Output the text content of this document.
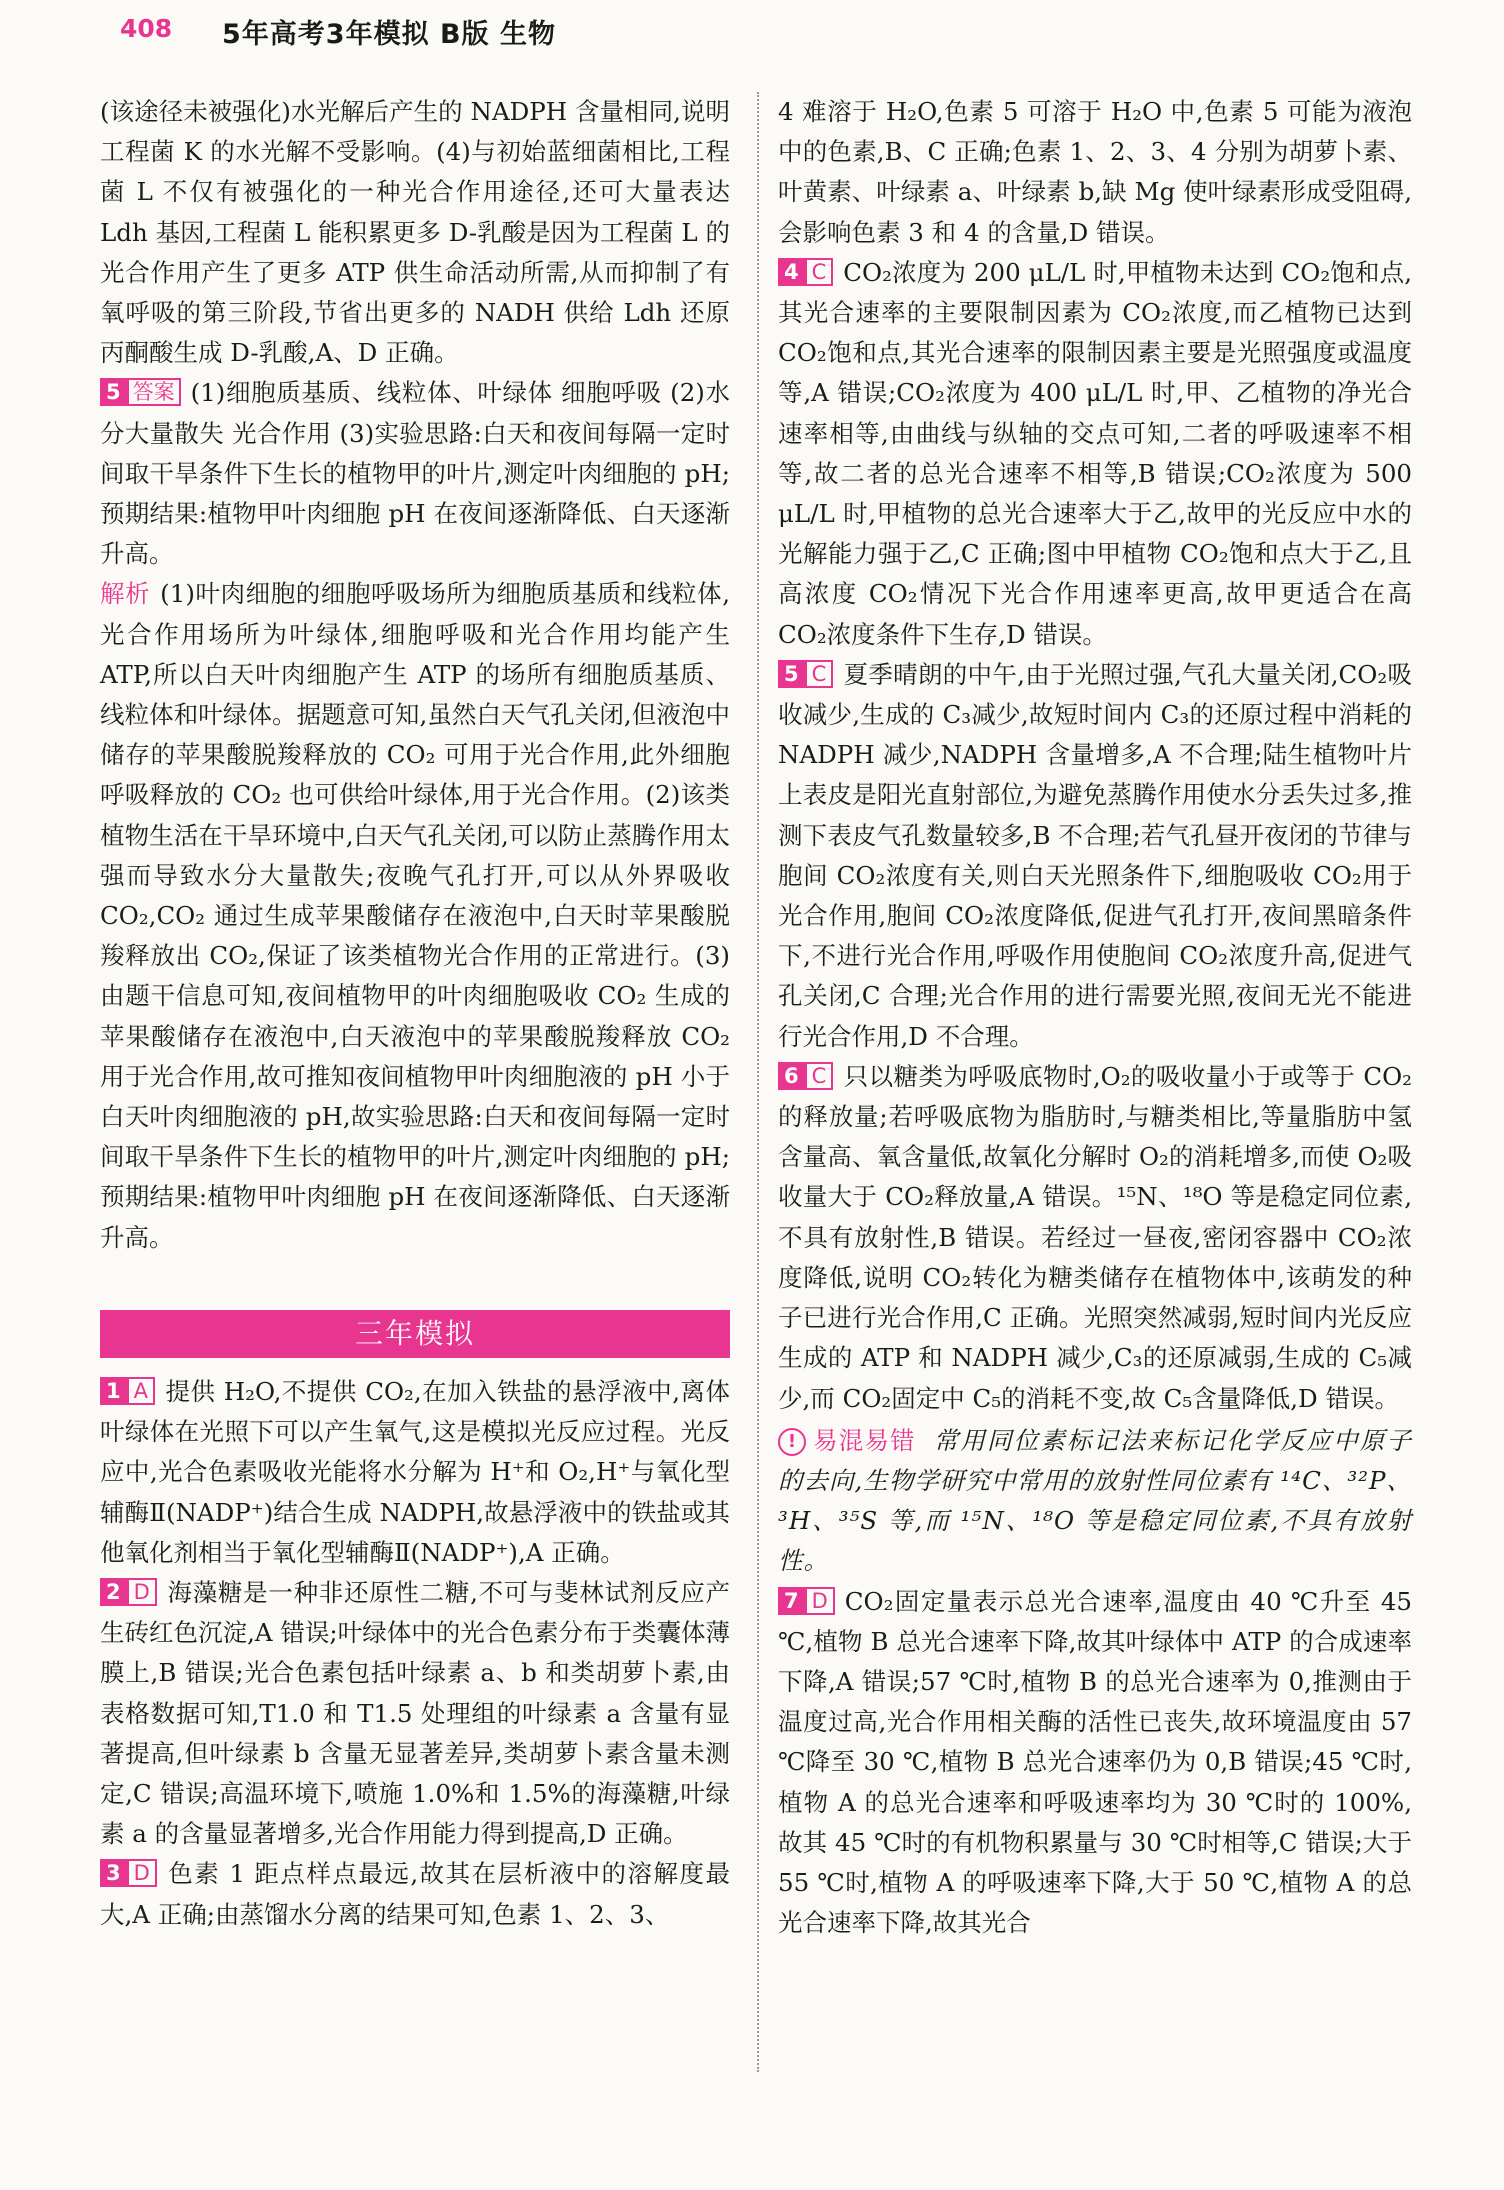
408 5年高考3年模拟 B版 生物

(该途径未被强化)水光解后产生的 NADPH 含量相同,说明工程菌 K 的水光解不受影响。(4)与初始蓝细菌相比,工程菌 L 不仅有被强化的一种光合作用途径,还可大量表达 Ldh 基因,工程菌 L 能积累更多 D-乳酸是因为工程菌 L 的光合作用产生了更多 ATP 供生命活动所需,从而抑制了有氧呼吸的第三阶段,节省出更多的 NADH 供给 Ldh 还原丙酮酸生成 D-乳酸,A、D 正确。

5 答案 (1)细胞质基质、线粒体、叶绿体 细胞呼吸 (2)水分大量散失 光合作用 (3)实验思路:白天和夜间每隔一定时间取干旱条件下生长的植物甲的叶片,测定叶肉细胞的 pH;预期结果:植物甲叶肉细胞 pH 在夜间逐渐降低、白天逐渐升高。

解析 (1)叶肉细胞的细胞呼吸场所为细胞质基质和线粒体,光合作用场所为叶绿体,细胞呼吸和光合作用均能产生 ATP,所以白天叶肉细胞产生 ATP 的场所有细胞质基质、线粒体和叶绿体。据题意可知,虽然白天气孔关闭,但液泡中储存的苹果酸脱羧释放的 CO₂ 可用于光合作用,此外细胞呼吸释放的 CO₂ 也可供给叶绿体,用于光合作用。(2)该类植物生活在干旱环境中,白天气孔关闭,可以防止蒸腾作用太强而导致水分大量散失;夜晚气孔打开,可以从外界吸收 CO₂,CO₂ 通过生成苹果酸储存在液泡中,白天时苹果酸脱羧释放出 CO₂,保证了该类植物光合作用的正常进行。(3)由题干信息可知,夜间植物甲的叶肉细胞吸收 CO₂ 生成的苹果酸储存在液泡中,白天液泡中的苹果酸脱羧释放 CO₂ 用于光合作用,故可推知夜间植物甲叶肉细胞液的 pH 小于白天叶肉细胞液的 pH,故实验思路:白天和夜间每隔一定时间取干旱条件下生长的植物甲的叶片,测定叶肉细胞的 pH;预期结果:植物甲叶肉细胞 pH 在夜间逐渐降低、白天逐渐升高。

三年模拟

1 A 提供 H₂O,不提供 CO₂,在加入铁盐的悬浮液中,离体叶绿体在光照下可以产生氧气,这是模拟光反应过程。光反应中,光合色素吸收光能将水分解为 H⁺和 O₂,H⁺与氧化型辅酶Ⅱ(NADP⁺)结合生成 NADPH,故悬浮液中的铁盐或其他氧化剂相当于氧化型辅酶Ⅱ(NADP⁺),A 正确。

2 D 海藻糖是一种非还原性二糖,不可与斐林试剂反应产生砖红色沉淀,A 错误;叶绿体中的光合色素分布于类囊体薄膜上,B 错误;光合色素包括叶绿素 a、b 和类胡萝卜素,由表格数据可知,T1.0 和 T1.5 处理组的叶绿素 a 含量有显著提高,但叶绿素 b 含量无显著差异,类胡萝卜素含量未测定,C 错误;高温环境下,喷施 1.0%和 1.5%的海藻糖,叶绿素 a 的含量显著增多,光合作用能力得到提高,D 正确。

3 D 色素 1 距点样点最远,故其在层析液中的溶解度最大,A 正确;由蒸馏水分离的结果可知,色素 1、2、3、

4 难溶于 H₂O,色素 5 可溶于 H₂O 中,色素 5 可能为液泡中的色素,B、C 正确;色素 1、2、3、4 分别为胡萝卜素、叶黄素、叶绿素 a、叶绿素 b,缺 Mg 使叶绿素形成受阻碍,会影响色素 3 和 4 的含量,D 错误。

4 C CO₂浓度为 200 μL/L 时,甲植物未达到 CO₂饱和点,其光合速率的主要限制因素为 CO₂浓度,而乙植物已达到 CO₂饱和点,其光合速率的限制因素主要是光照强度或温度等,A 错误;CO₂浓度为 400 μL/L 时,甲、乙植物的净光合速率相等,由曲线与纵轴的交点可知,二者的呼吸速率不相等,故二者的总光合速率不相等,B 错误;CO₂浓度为 500 μL/L 时,甲植物的总光合速率大于乙,故甲的光反应中水的光解能力强于乙,C 正确;图中甲植物 CO₂饱和点大于乙,且高浓度 CO₂情况下光合作用速率更高,故甲更适合在高 CO₂浓度条件下生存,D 错误。

5 C 夏季晴朗的中午,由于光照过强,气孔大量关闭,CO₂吸收减少,生成的 C₃减少,故短时间内 C₃的还原过程中消耗的 NADPH 减少,NADPH 含量增多,A 不合理;陆生植物叶片上表皮是阳光直射部位,为避免蒸腾作用使水分丢失过多,推测下表皮气孔数量较多,B 不合理;若气孔昼开夜闭的节律与胞间 CO₂浓度有关,则白天光照条件下,细胞吸收 CO₂用于光合作用,胞间 CO₂浓度降低,促进气孔打开,夜间黑暗条件下,不进行光合作用,呼吸作用使胞间 CO₂浓度升高,促进气孔关闭,C 合理;光合作用的进行需要光照,夜间无光不能进行光合作用,D 不合理。

6 C 只以糖类为呼吸底物时,O₂的吸收量小于或等于 CO₂的释放量;若呼吸底物为脂肪时,与糖类相比,等量脂肪中氢含量高、氧含量低,故氧化分解时 O₂的消耗增多,而使 O₂吸收量大于 CO₂释放量,A 错误。¹⁵N、¹⁸O 等是稳定同位素,不具有放射性,B 错误。若经过一昼夜,密闭容器中 CO₂浓度降低,说明 CO₂转化为糖类储存在植物体中,该萌发的种子已进行光合作用,C 正确。光照突然减弱,短时间内光反应生成的 ATP 和 NADPH 减少,C₃的还原减弱,生成的 C₅减少,而 CO₂固定中 C₅的消耗不变,故 C₅含量降低,D 错误。

! 易混易错 常用同位素标记法来标记化学反应中原子的去向,生物学研究中常用的放射性同位素有 ¹⁴C、³²P、³H、³⁵S 等,而 ¹⁵N、¹⁸O 等是稳定同位素,不具有放射性。

7 D CO₂固定量表示总光合速率,温度由 40 ℃升至 45 ℃,植物 B 总光合速率下降,故其叶绿体中 ATP 的合成速率下降,A 错误;57 ℃时,植物 B 的总光合速率为 0,推测由于温度过高,光合作用相关酶的活性已丧失,故环境温度由 57 ℃降至 30 ℃,植物 B 总光合速率仍为 0,B 错误;45 ℃时,植物 A 的总光合速率和呼吸速率均为 30 ℃时的 100%,故其 45 ℃时的有机物积累量与 30 ℃时相等,C 错误;大于 55 ℃时,植物 A 的呼吸速率下降,大于 50 ℃,植物 A 的总光合速率下降,故其光合
